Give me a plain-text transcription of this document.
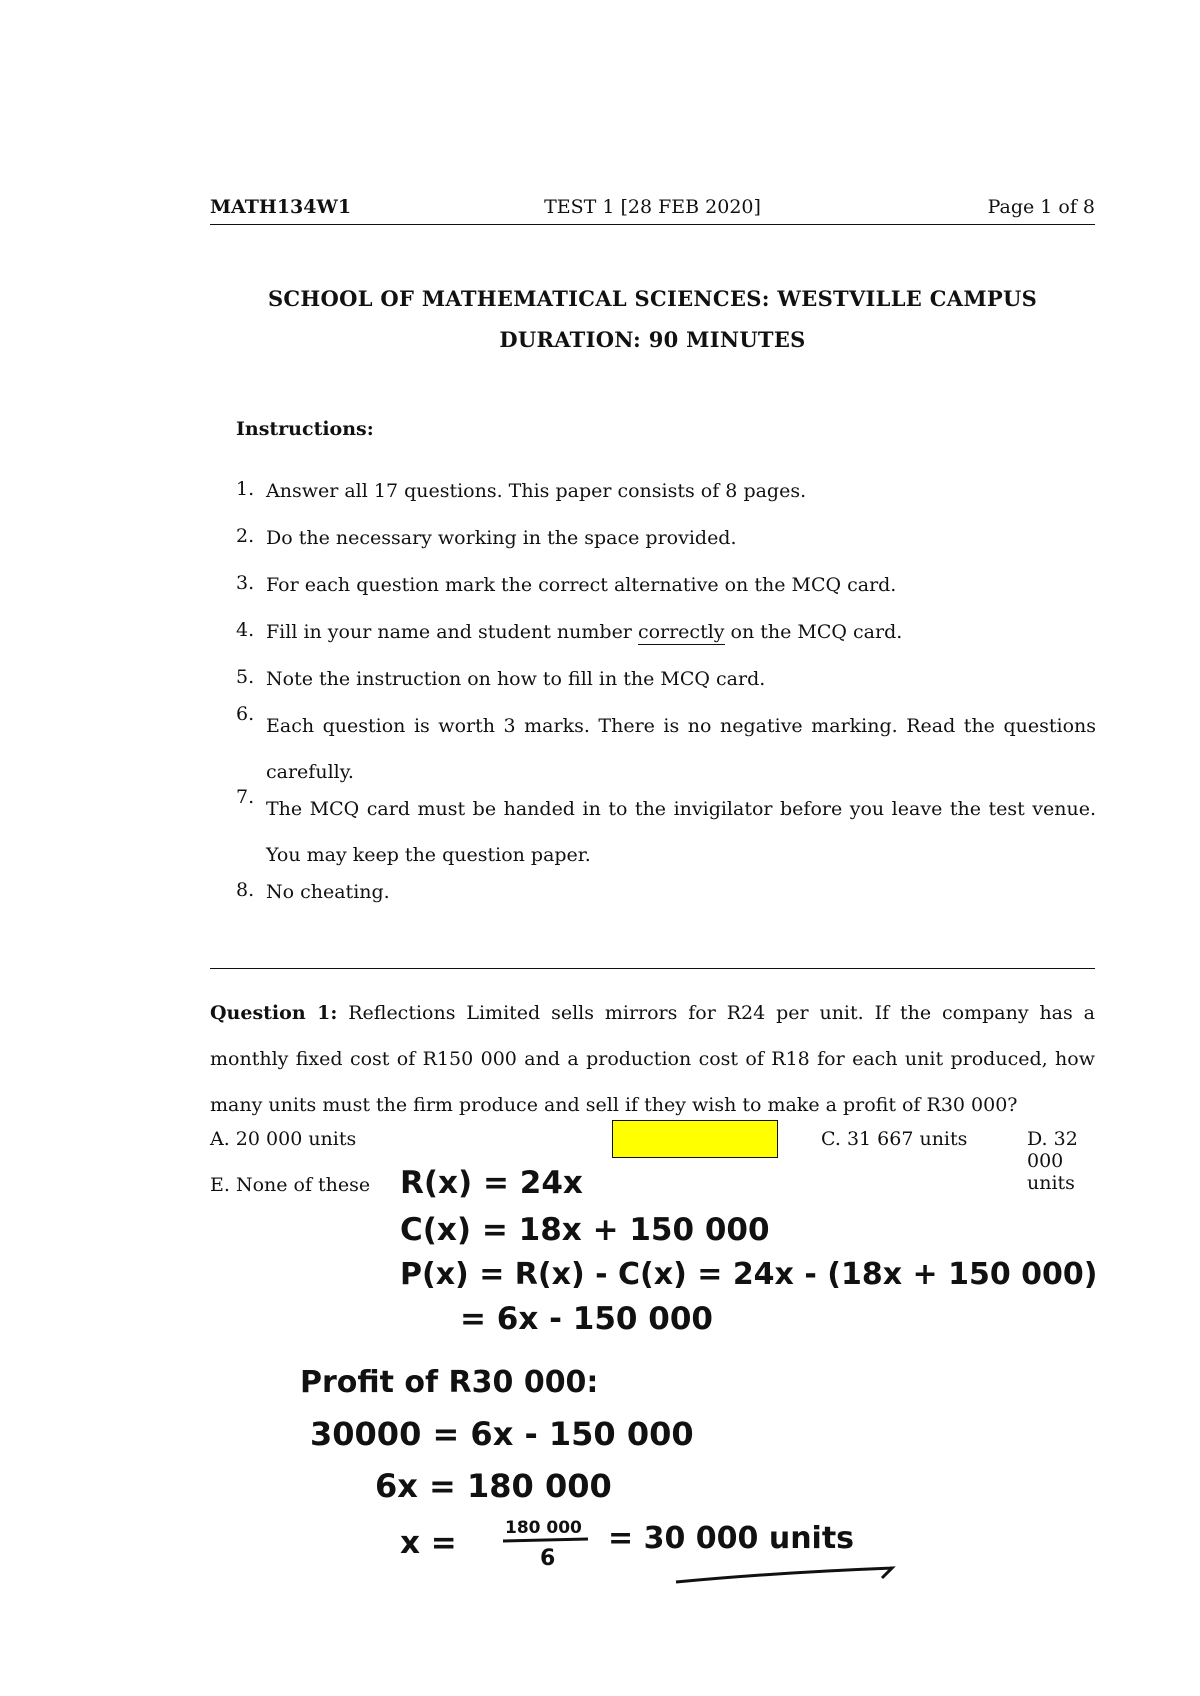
MATH134W1	TEST 1 [28 FEB 2020]	Page 1 of 8
SCHOOL OF MATHEMATICAL SCIENCES: WESTVILLE CAMPUS
DURATION: 90 MINUTES
Instructions:
1. Answer all 17 questions. This paper consists of 8 pages.
2. Do the necessary working in the space provided.
3. For each question mark the correct alternative on the MCQ card.
4. Fill in your name and student number correctly on the MCQ card.
5. Note the instruction on how to fill in the MCQ card.
6.
Each question is worth 3 marks. There is no negative marking. Read the questions carefully.
7.
The MCQ card must be handed in to the invigilator before you leave the test venue. You may keep the question paper.
8. No cheating.
Question 1: Reflections Limited sells mirrors for R24 per unit. If the company has a monthly fixed cost of R150 000 and a production cost of R18 for each unit produced, how many units must the firm produce and sell if they wish to make a profit of R30 000?
A. 20 000 units	C. 31 667 units	D. 32 000 units
E. None of these R(x) = 24x
C(x) = 18x + 150 000
P(x) = R(x) - C(x) = 24x - (18x + 150 000)
= 6x - 150 000
Profit of R30 000:
30000 = 6x - 150 000
6x = 180 000
x =	180 000
6
= 30 000 units
